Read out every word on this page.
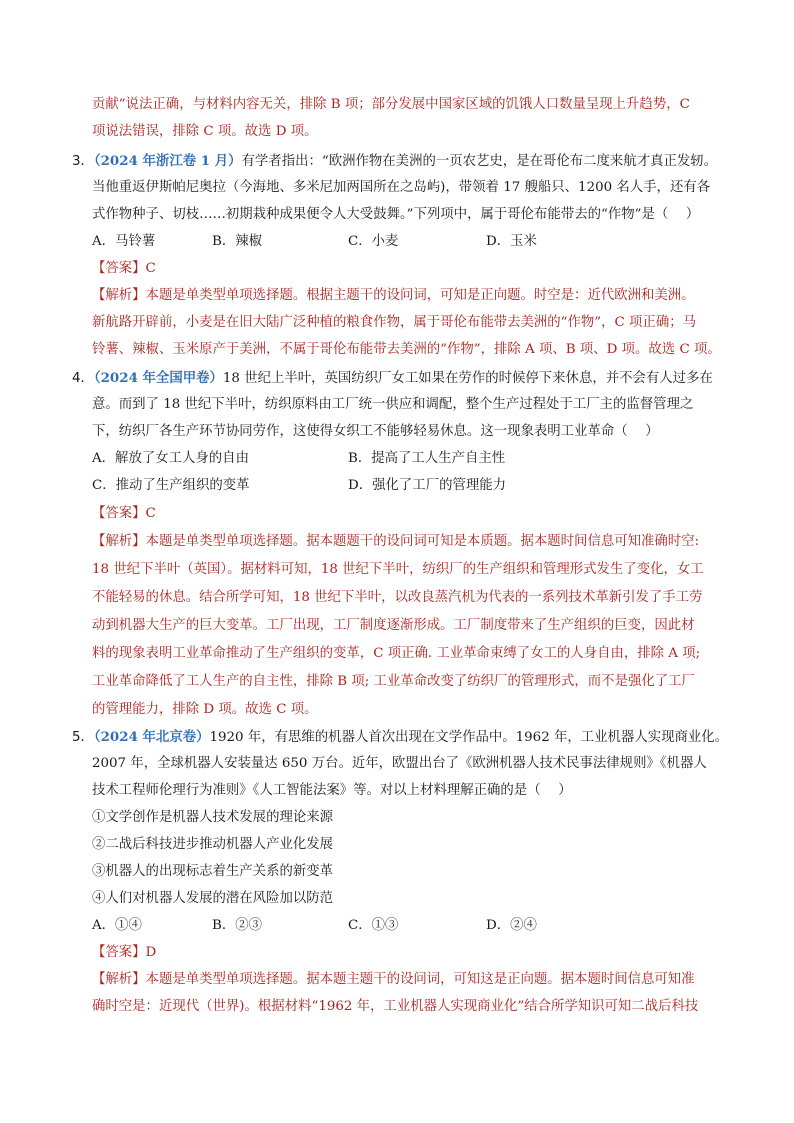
贡献”说法正确，与材料内容无关，排除 B 项；部分发展中国家区域的饥饿人口数量呈现上升趋势，C
项说法错误，排除 C 项。故选 D 项。
3．（2024 年浙江卷 1 月）有学者指出：“欧洲作物在美洲的一页农艺史，是在哥伦布二度来航才真正发轫。
当他重返伊斯帕尼奥拉（今海地、多米尼加两国所在之岛屿)，带领着 17 艘船只、1200 名人手，还有各
式作物种子、切枝……初期栽种成果便令人大受鼓舞。”下列项中，属于哥伦布能带去的“作物”是（　 ）
A．马铃薯	B．辣椒	C．小麦	D．玉米
【答案】C
【解析】本题是单类型单项选择题。根据主题干的设问词，可知是正向题。时空是：近代欧洲和美洲。
新航路开辟前，小麦是在旧大陆广泛种植的粮食作物，属于哥伦布能带去美洲的“作物”，C 项正确；马
铃薯、辣椒、玉米原产于美洲，不属于哥伦布能带去美洲的“作物”，排除 A 项、B 项、D 项。故选 C 项。
4．（2024 年全国甲卷）18 世纪上半叶，英国纺织厂女工如果在劳作的时候停下来休息，并不会有人过多在
意。而到了 18 世纪下半叶，纺织原料由工厂统一供应和调配，整个生产过程处于工厂主的监督管理之
下，纺织厂各生产环节协同劳作，这使得女织工不能够轻易休息。这一现象表明工业革命（　 ）
A．解放了女工人身的自由	B．提高了工人生产自主性
C．推动了生产组织的变革	D．强化了工厂的管理能力
【答案】C
【解析】本题是单类型单项选择题。据本题题干的设问词可知是本质题。据本题时间信息可知准确时空:
18 世纪下半叶（英国）。据材料可知，18 世纪下半叶，纺织厂的生产组织和管理形式发生了变化，女工
不能轻易的休息。结合所学可知，18 世纪下半叶，以改良蒸汽机为代表的一系列技术革新引发了手工劳
动到机器大生产的巨大变革。工厂出现，工厂制度逐渐形成。工厂制度带来了生产组织的巨变，因此材
料的现象表明工业革命推动了生产组织的变革，C 项正确. 工业革命束缚了女工的人身自由，排除 A 项;
工业革命降低了工人生产的自主性，排除 B 项; 工业革命改变了纺织厂的管理形式，而不是强化了工厂
的管理能力，排除 D 项。故选 C 项。
5．（2024 年北京卷）1920 年，有思维的机器人首次出现在文学作品中。1962 年，工业机器人实现商业化。
2007 年，全球机器人安装量达 650 万台。近年，欧盟出台了《欧洲机器人技术民事法律规则》《机器人
技术工程师伦理行为准则》《人工智能法案》等。对以上材料理解正确的是（　 ）
①文学创作是机器人技术发展的理论来源
②二战后科技进步推动机器人产业化发展
③机器人的出现标志着生产关系的新变革
④人们对机器人发展的潜在风险加以防范
A．①④	B．②③	C．①③	D．②④
【答案】D
【解析】本题是单类型单项选择题。据本题主题干的设问词，可知这是正向题。据本题时间信息可知准
确时空是：近现代（世界)。根据材料“1962 年，工业机器人实现商业化”结合所学知识可知二战后科技
